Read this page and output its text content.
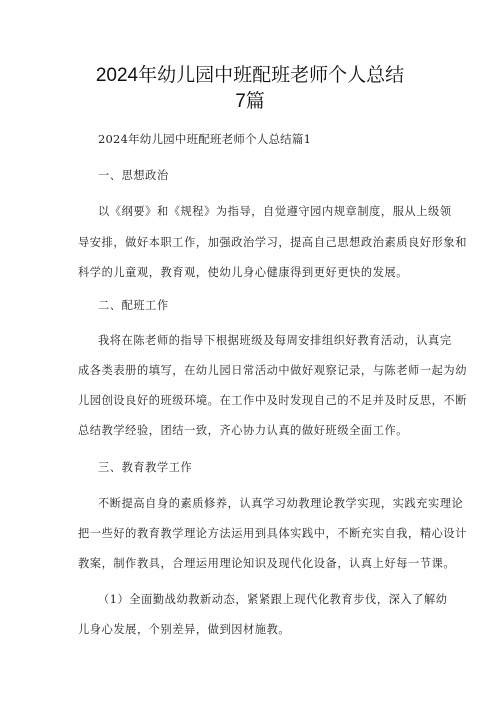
2024年幼儿园中班配班老师个人总结
7篇
2024年幼儿园中班配班老师个人总结篇1
一、思想政治
以《纲要》和《规程》为指导，自觉遵守园内规章制度，服从上级领
导安排，做好本职工作，加强政治学习，提高自己思想政治素质良好形象和
科学的儿童观，教育观，使幼儿身心健康得到更好更快的发展。
二、配班工作
我将在陈老师的指导下根据班级及每周安排组织好教育活动，认真完
成各类表册的填写，在幼儿园日常活动中做好观察记录，与陈老师一起为幼
儿园创设良好的班级环境。在工作中及时发现自己的不足并及时反思，不断
总结教学经验，团结一致，齐心协力认真的做好班级全面工作。
三、教育教学工作
不断提高自身的素质修养，认真学习幼教理论教学实现，实践充实理论
把一些好的教育教学理论方法运用到具体实践中，不断充实自我，精心设计
教案，制作教具，合理运用理论知识及现代化设备，认真上好每一节课。
（1）全面勤战幼教新动态，紧紧跟上现代化教育步伐，深入了解幼
儿身心发展，个别差异，做到因材施教。
